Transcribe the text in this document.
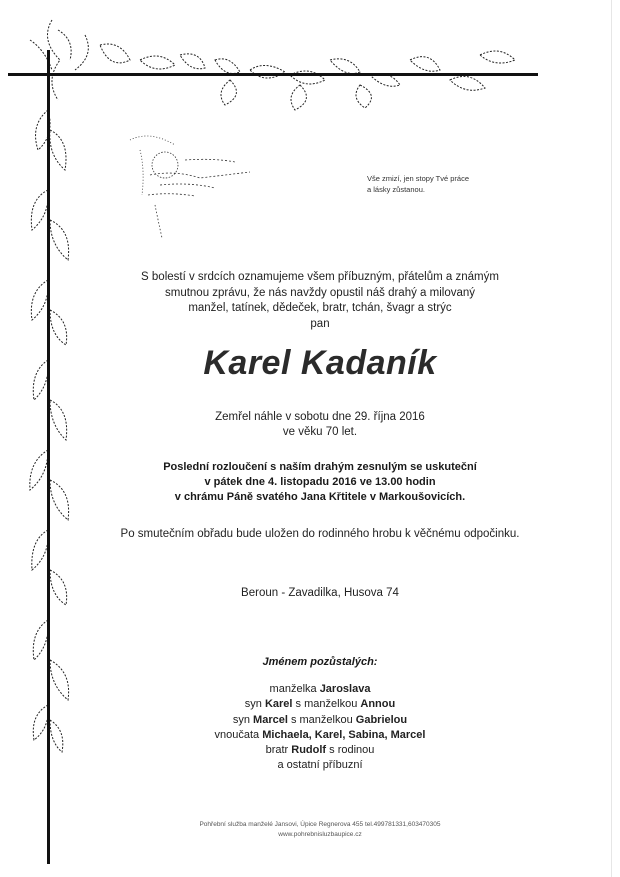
Vše zmizí, jen stopy Tvé práce
a lásky zůstanou.

S bolestí v srdcích oznamujeme všem příbuzným, přátelům a známým
smutnou zprávu, že nás navždy opustil náš drahý a milovaný
manžel, tatínek, dědeček, bratr, tchán, švagr a strýc
pan

Karel Kadaník

Zemřel náhle v sobotu dne 29. října 2016
ve věku 70 let.

Poslední rozloučení s naším drahým zesnulým se uskuteční
v pátek dne 4. listopadu 2016 ve 13.00 hodin
v chrámu Páně svatého Jana Křtitele v Markoušovicích.

Po smutečním obřadu bude uložen do rodinného hrobu k věčnému odpočinku.

Beroun - Zavadilka, Husova 74

Jménem pozůstalých:

manželka Jaroslava
syn Karel s manželkou Annou
syn Marcel s manželkou Gabrielou
vnoučata Michaela, Karel, Sabina, Marcel
bratr Rudolf s rodinou
a ostatní příbuzní

Pohřební služba manželé Jansovi, Úpice Regnerova 455 tel.499781331,603470305
www.pohrebnisluzbaupice.cz
